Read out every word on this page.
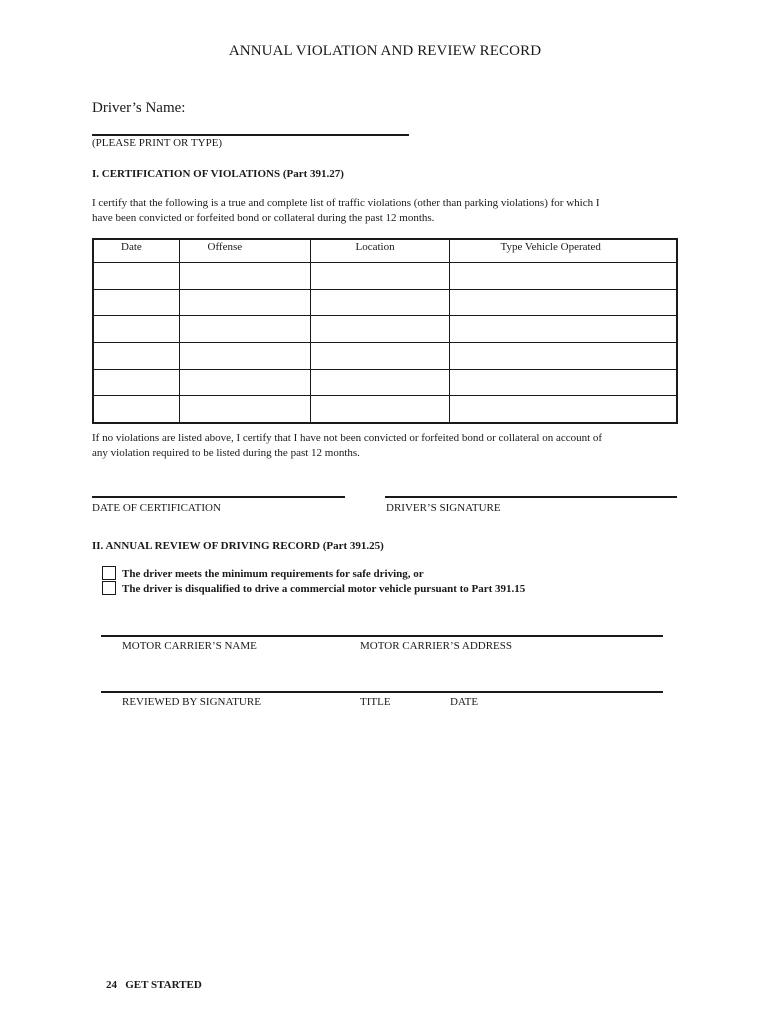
ANNUAL VIOLATION AND REVIEW RECORD
Driver’s Name:
(PLEASE PRINT OR TYPE)
I. CERTIFICATION OF VIOLATIONS (Part 391.27)
I certify that the following is a true and complete list of traffic violations (other than parking violations) for which I
have been convicted or forfeited bond or collateral during the past 12 months.
Date	Offense	Location	Type Vehicle Operated

If no violations are listed above, I certify that I have not been convicted or forfeited bond or collateral on account of
any violation required to be listed during the past 12 months.
DATE OF CERTIFICATION	DRIVER’S SIGNATURE
II. ANNUAL REVIEW OF DRIVING RECORD (Part 391.25)
The driver meets the minimum requirements for safe driving, or
The driver is disqualified to drive a commercial motor vehicle pursuant to Part 391.15
MOTOR CARRIER’S NAME	MOTOR CARRIER’S ADDRESS
REVIEWED BY SIGNATURE	TITLE	DATE
24   GET STARTED
